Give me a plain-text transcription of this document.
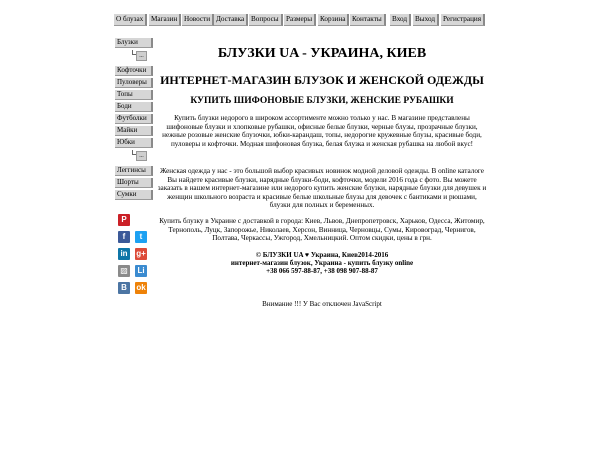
О блузах	Магазин Новости Доставка Вопросы	Размеры	Корзина Контакты	Вход	Выход	Регистрация
Блузки
...
Кофточки
Пуловеры
Топы
Боди
Футболки
Майки
Юбки
...
Леггинсы
Шорты
Сумки
P
f	t
in	g+
▨	Li
B	ok
БЛУЗКИ UA - УКРАИНА, КИЕВ
ИНТЕРНЕТ-МАГАЗИН БЛУЗОК И ЖЕНСКОЙ ОДЕЖДЫ
КУПИТЬ ШИФОНОВЫЕ БЛУЗКИ, ЖЕНСКИЕ РУБАШКИ

Купить блузки недорого в широком ассортименте можно только у нас. В магазине представлены шифоновые блузки и хлопковые рубашки, офисные белые блузки, черные блузы, прозрачные блузки, нежные розовые женские блузочки, юбки-карандаш, топы, недорогие кружевные блузы, красивые боди, пуловеры и кофточки. Модная шифоновая блузка, белая блузка и женская рубашка на любой вкус!

Женская одежда у нас - это большой выбор красивых новинок модной деловой одежды. В online каталоге Вы найдете красивые блузки, нарядные блузки-боди, кофточки, модели 2016 года с фото. Вы можете заказать в нашем интернет-магазине или недорого купить женские блузки, нарядные блузки для девушек и женщин школьного возраста и красивые белые школьные блузы для девочек с бантиками и рюшами, блузки для полных и беременных.

Купить блузку в Украине с доставкой в города: Киев, Львов, Днепропетровск, Харьков, Одесса, Житомир, Тернополь, Луцк, Запорожье, Николаев, Херсон, Винница, Черновцы, Сумы, Кировоград, Чернигов, Полтава, Черкассы, Ужгород, Хмельницкий. Оптом скидки, цены в грн.

© БЛУЗКИ UA ♥ Украина, Киев2014-2016
интернет-магазин блузок, Украина - купить блузку online
+38 066 597-88-87, +38 098 907-88-87
Внимание !!! У Вас отключен JavaScript
